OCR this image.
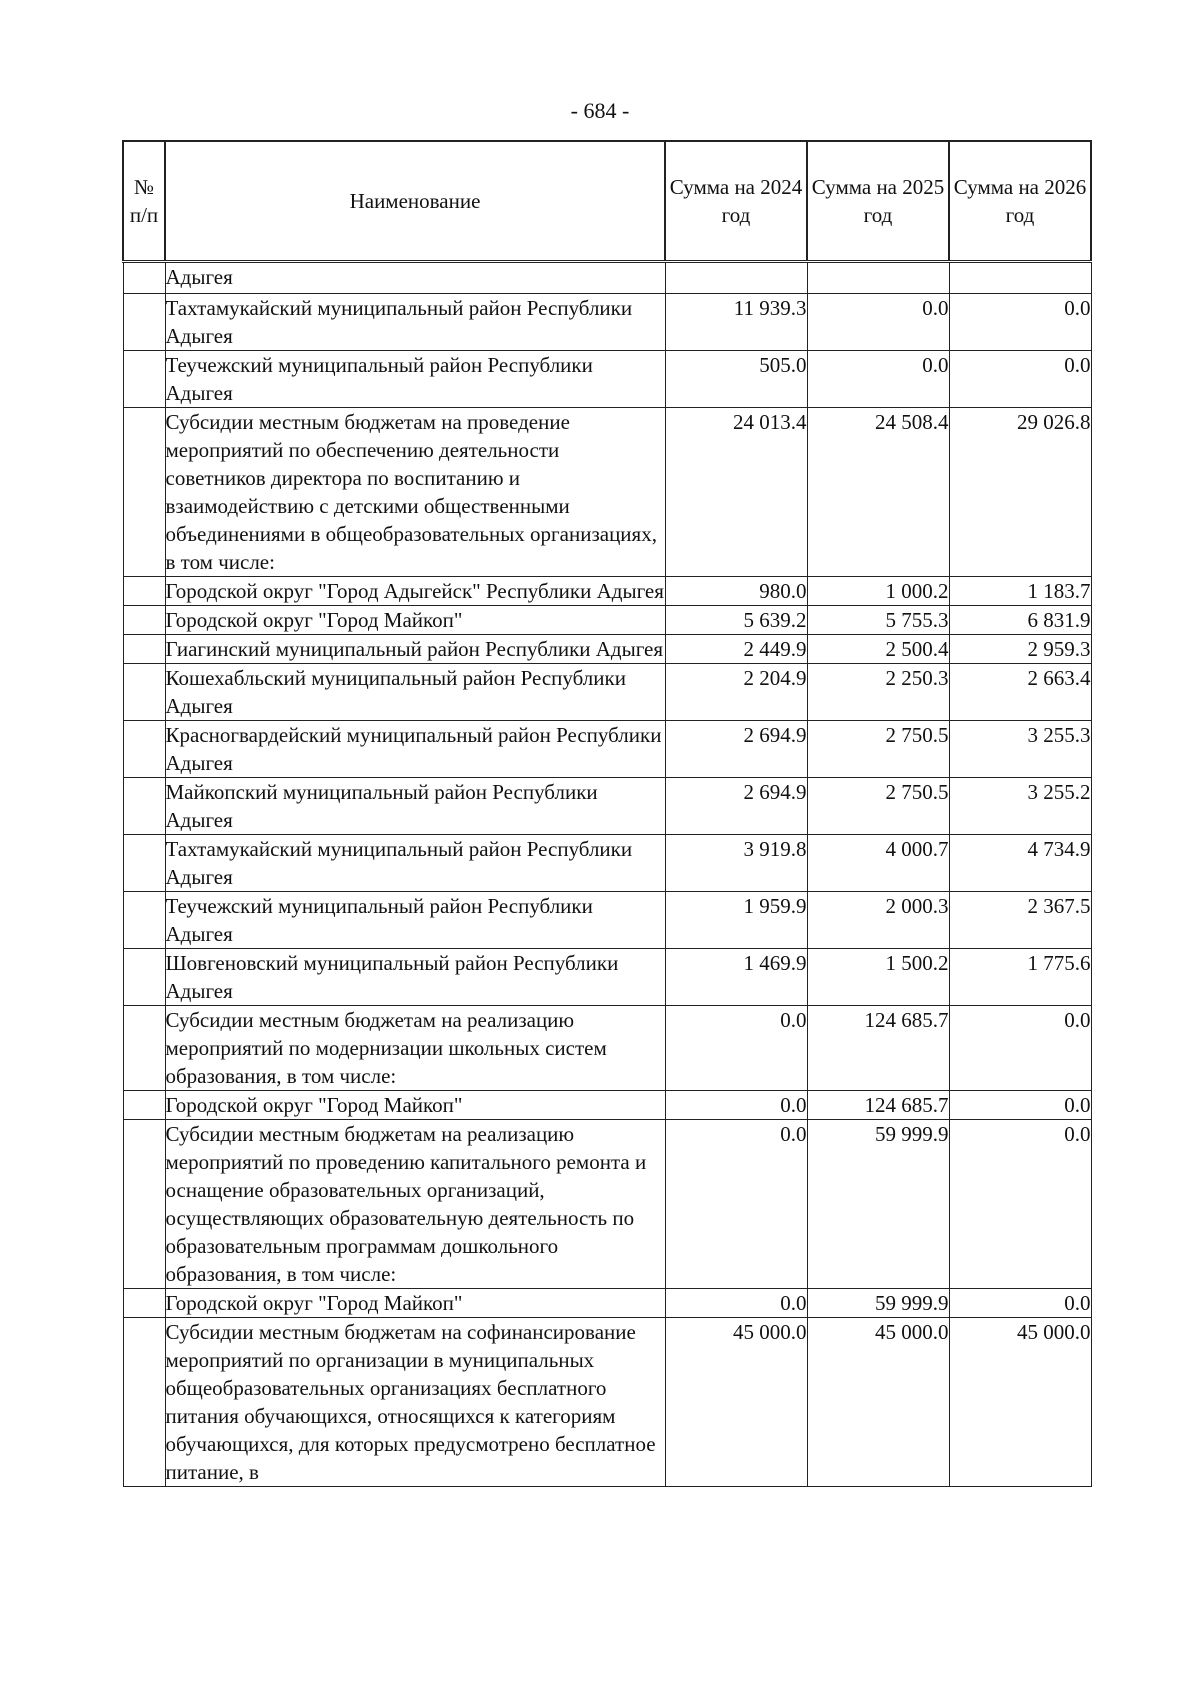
- 684 -
№ п/п	Наименование	Сумма на 2024 год	Сумма на 2025 год	Сумма на 2026 год
	Адыгея			
	Тахтамукайский муниципальный район Республики Адыгея	11 939.3	0.0	0.0
	Теучежский муниципальный район Республики Адыгея	505.0	0.0	0.0
	Субсидии местным бюджетам на проведение мероприятий по обеспечению деятельности советников директора по воспитанию и взаимодействию с детскими общественными объединениями в общеобразовательных организациях, в том числе:	24 013.4	24 508.4	29 026.8
	Городской округ "Город Адыгейск" Республики Адыгея	980.0	1 000.2	1 183.7
	Городской округ "Город Майкоп"	5 639.2	5 755.3	6 831.9
	Гиагинский муниципальный район Республики Адыгея	2 449.9	2 500.4	2 959.3
	Кошехабльский муниципальный район Республики Адыгея	2 204.9	2 250.3	2 663.4
	Красногвардейский муниципальный район Республики Адыгея	2 694.9	2 750.5	3 255.3
	Майкопский муниципальный район Республики Адыгея	2 694.9	2 750.5	3 255.2
	Тахтамукайский муниципальный район Республики Адыгея	3 919.8	4 000.7	4 734.9
	Теучежский муниципальный район Республики Адыгея	1 959.9	2 000.3	2 367.5
	Шовгеновский муниципальный район Республики Адыгея	1 469.9	1 500.2	1 775.6
	Субсидии местным бюджетам на реализацию мероприятий по модернизации школьных систем образования, в том числе:	0.0	124 685.7	0.0
	Городской округ "Город Майкоп"	0.0	124 685.7	0.0
	Субсидии местным бюджетам на реализацию мероприятий по проведению капитального ремонта и оснащение образовательных организаций, осуществляющих образовательную деятельность по образовательным программам дошкольного образования, в том числе:	0.0	59 999.9	0.0
	Городской округ "Город Майкоп"	0.0	59 999.9	0.0
	Субсидии местным бюджетам на софинансирование мероприятий по организации в муниципальных общеобразовательных организациях бесплатного питания обучающихся, относящихся к категориям обучающихся, для которых предусмотрено бесплатное питание, в	45 000.0	45 000.0	45 000.0
